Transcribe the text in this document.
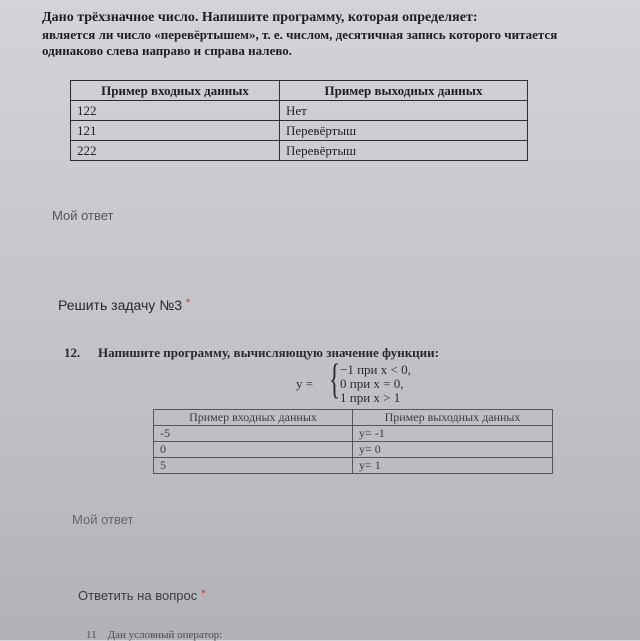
Дано трёхзначное число. Напишите программу, которая определяет:
является ли число «перевёртышем», т. е. числом, десятичная запись которого читается
одинаково слева направо и справа налево.
Пример входных данных	Пример выходных данных
122	Нет
121	Перевёртыш
222	Перевёртыш
Мой ответ
Решить задачу №3 *
12. Напишите программу, вычисляющую значение функции:
y = { −1 при x < 0,
0 при x = 0,
1 при x > 1
Пример входных данных	Пример выходных данных
-5	y= -1
0	y= 0
5	y= 1
Мой ответ
Ответить на вопрос *
11 Дан условный оператор:
